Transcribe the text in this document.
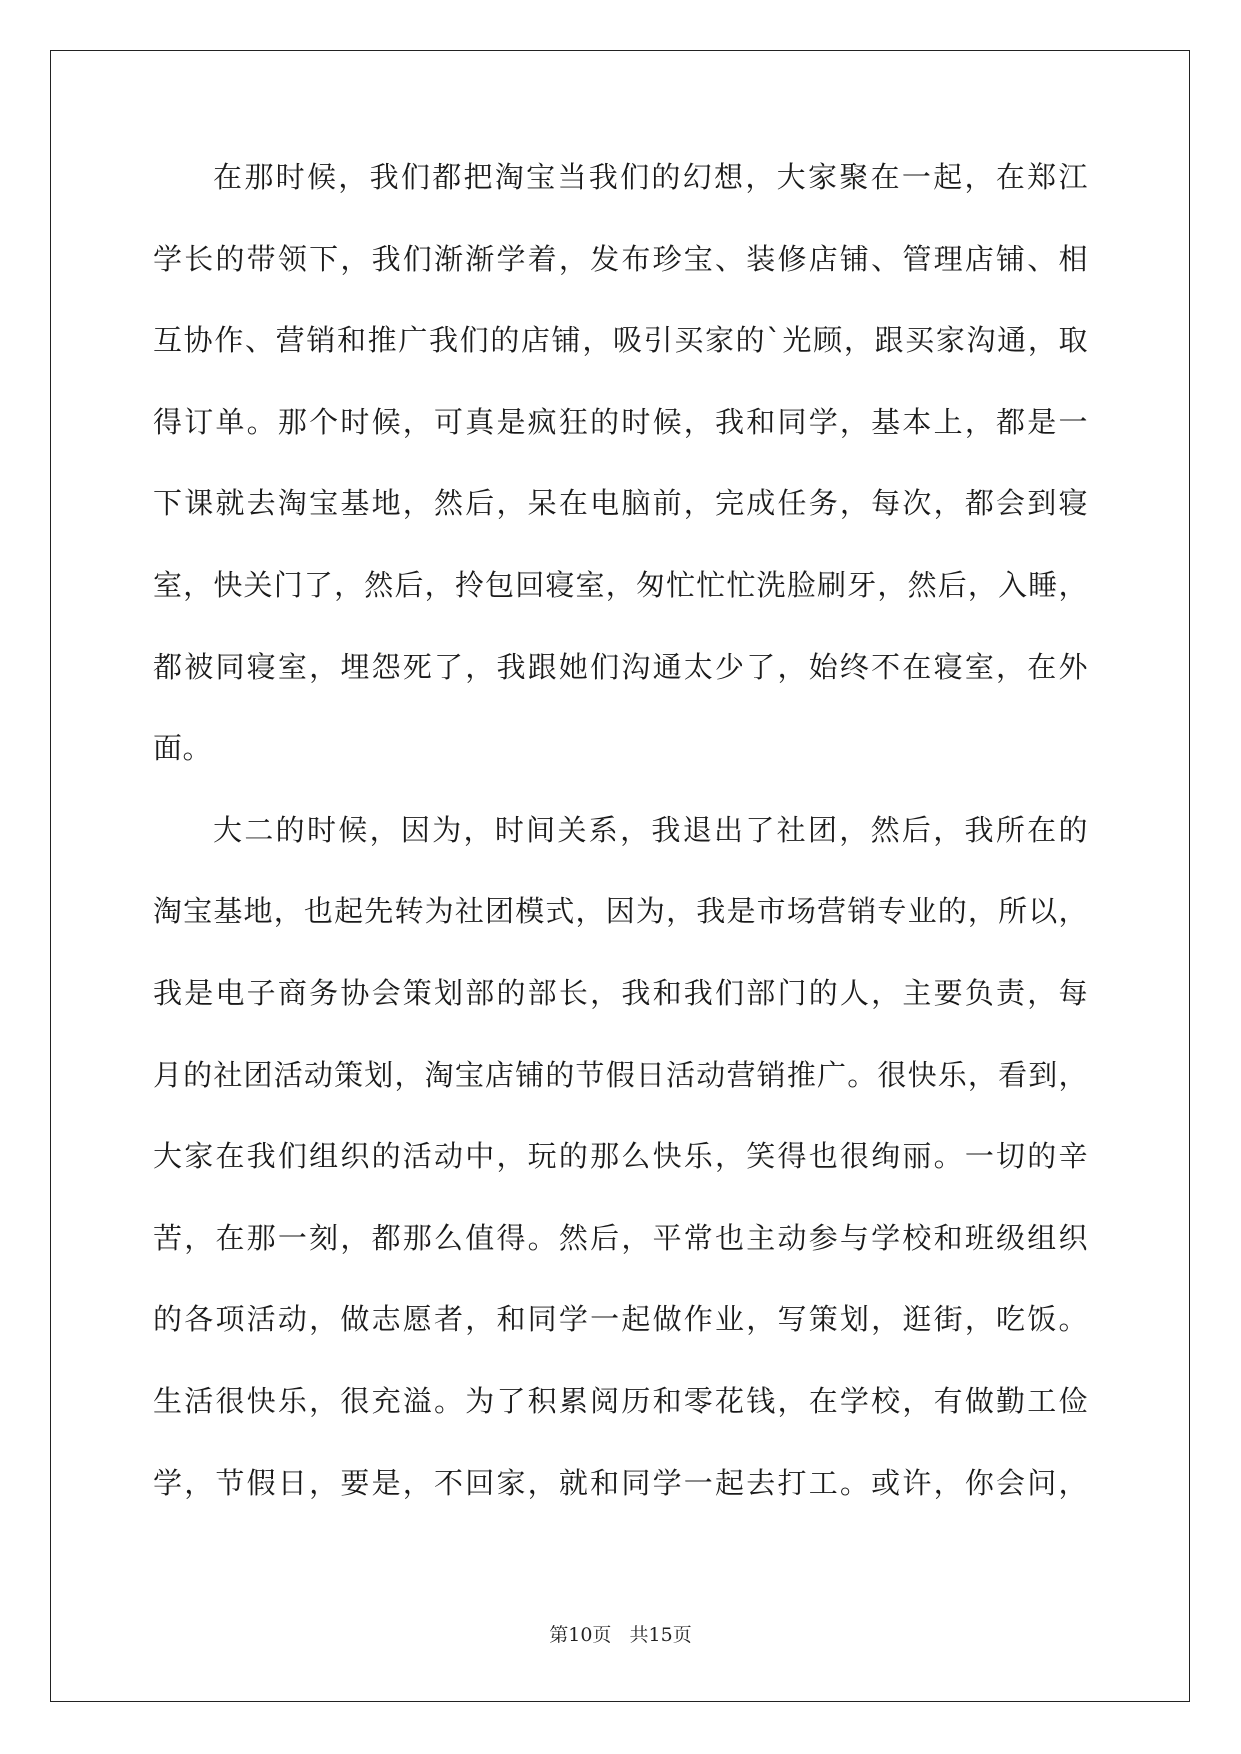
在那时候，我们都把淘宝当我们的幻想，大家聚在一起，在郑江
学长的带领下，我们渐渐学着，发布珍宝、装修店铺、管理店铺、相
互协作、营销和推广我们的店铺，吸引买家的`光顾，跟买家沟通，取
得订单。那个时候，可真是疯狂的时候，我和同学，基本上，都是一
下课就去淘宝基地，然后，呆在电脑前，完成任务，每次，都会到寝
室，快关门了，然后，拎包回寝室，匆忙忙忙洗脸刷牙，然后，入睡，
都被同寝室，埋怨死了，我跟她们沟通太少了，始终不在寝室，在外
面。
大二的时候，因为，时间关系，我退出了社团，然后，我所在的
淘宝基地，也起先转为社团模式，因为，我是市场营销专业的，所以，
我是电子商务协会策划部的部长，我和我们部门的人，主要负责，每
月的社团活动策划，淘宝店铺的节假日活动营销推广。很快乐，看到，
大家在我们组织的活动中，玩的那么快乐，笑得也很绚丽。一切的辛
苦，在那一刻，都那么值得。然后，平常也主动参与学校和班级组织
的各项活动，做志愿者，和同学一起做作业，写策划，逛街，吃饭。
生活很快乐，很充溢。为了积累阅历和零花钱，在学校，有做勤工俭
学，节假日，要是，不回家，就和同学一起去打工。或许，你会问，
第10页   共15页
